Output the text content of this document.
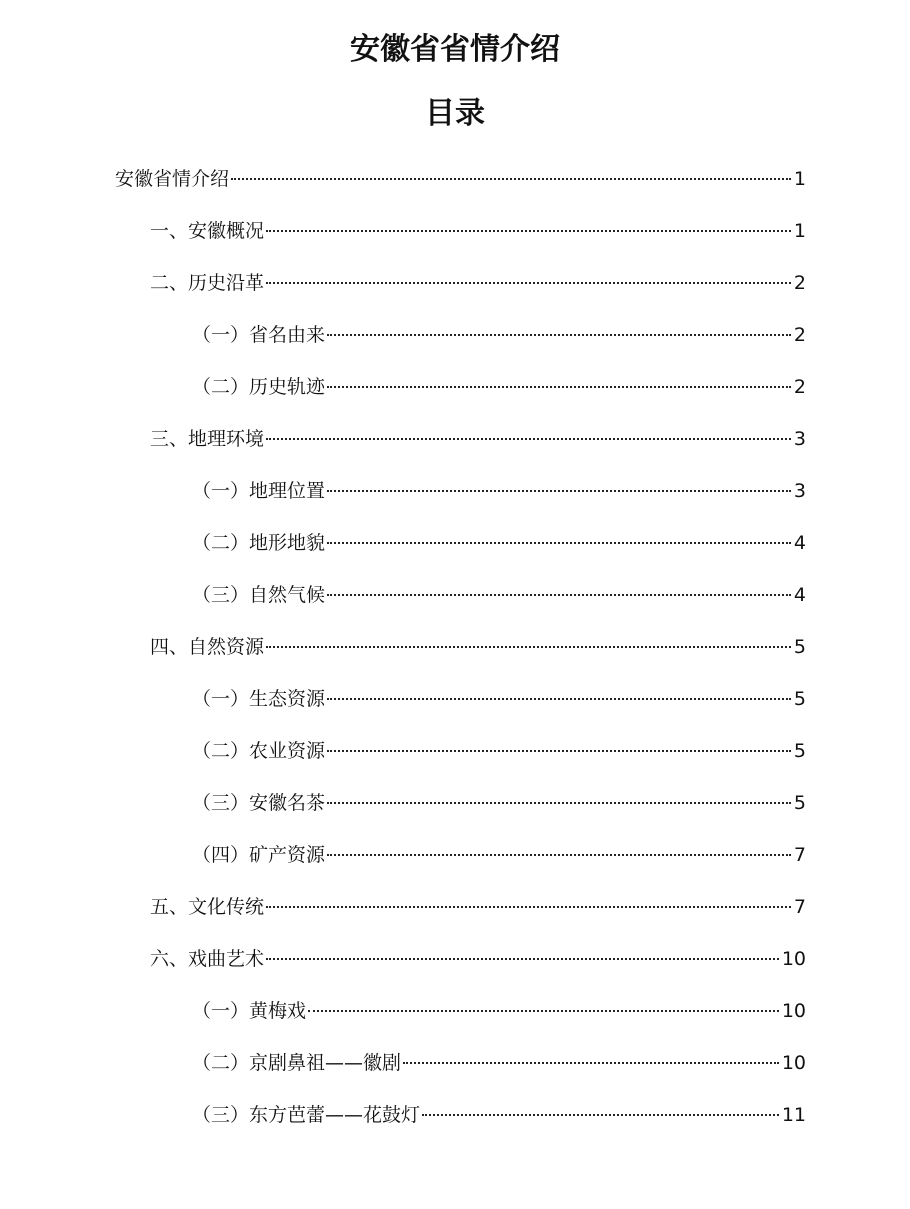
安徽省省情介绍
目录
安徽省情介绍	1
一、安徽概况	1
二、历史沿革	2
（一）省名由来	2
（二）历史轨迹	2
三、地理环境	3
（一）地理位置	3
（二）地形地貌	4
（三）自然气候	4
四、自然资源	5
（一）生态资源	5
（二）农业资源	5
（三）安徽名茶	5
（四）矿产资源	7
五、文化传统	7
六、戏曲艺术	10
（一）黄梅戏	10
（二）京剧鼻祖——徽剧	10
（三）东方芭蕾——花鼓灯	11
